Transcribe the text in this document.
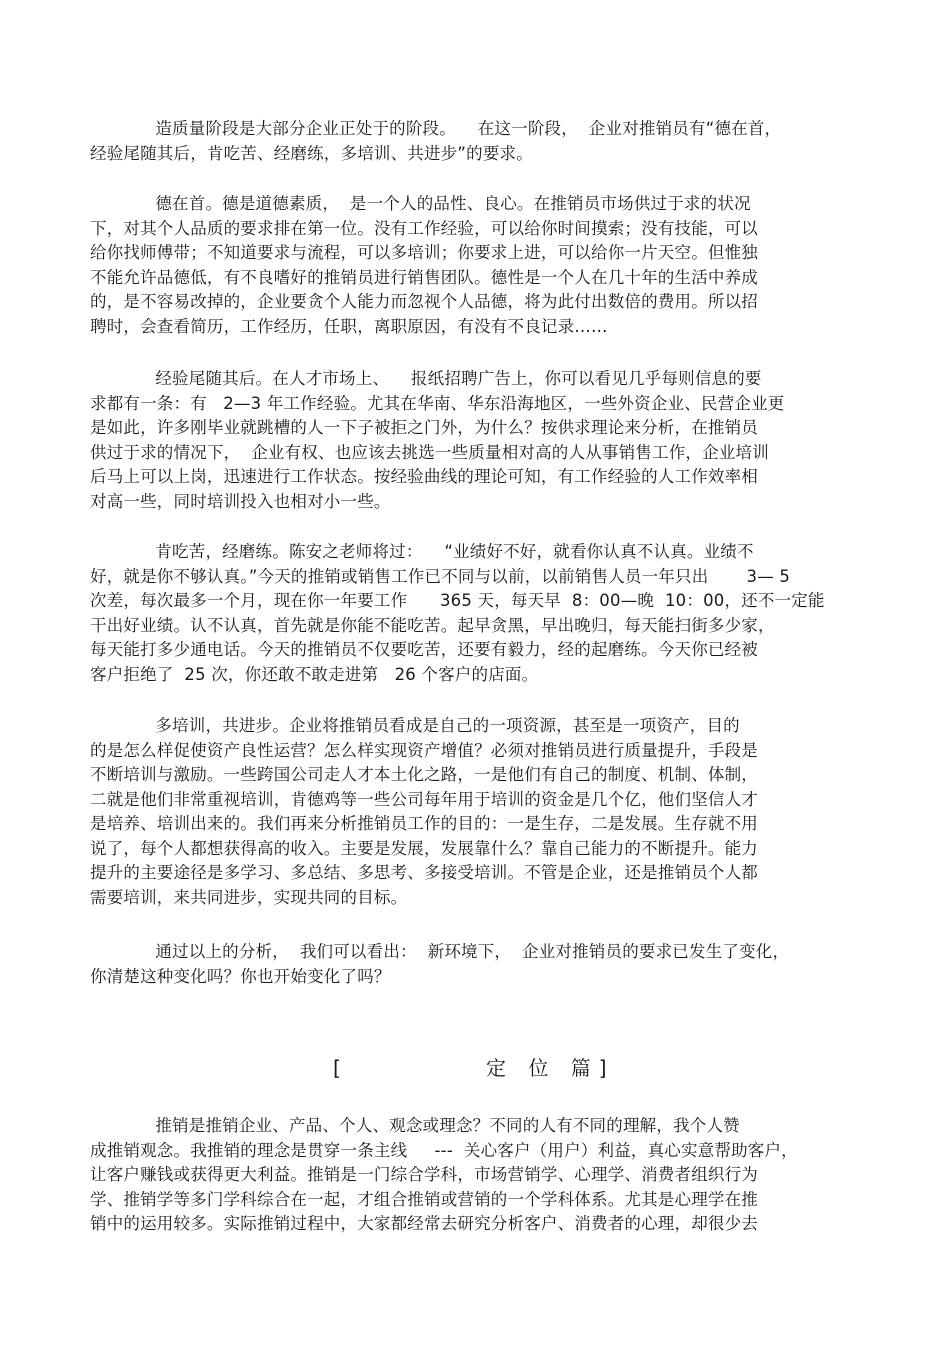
造质量阶段是大部分企业正处于的阶段。    在这一阶段，  企业对推销员有“德在首，
经验尾随其后，肯吃苦、经磨练，多培训、共进步”的要求。
德在首。德是道德素质，  是一个人的品性、良心。在推销员市场供过于求的状况
下，对其个人品质的要求排在第一位。没有工作经验，可以给你时间摸索；没有技能，可以
给你找师傅带；不知道要求与流程，可以多培训；你要求上进，可以给你一片天空。但惟独
不能允许品德低，有不良嗜好的推销员进行销售团队。德性是一个人在几十年的生活中养成
的，是不容易改掉的，企业要贪个人能力而忽视个人品德，将为此付出数倍的费用。所以招
聘时，会查看简历，工作经历，任职，离职原因，有没有不良记录……
经验尾随其后。在人才市场上、    报纸招聘广告上，你可以看见几乎每则信息的要
求都有一条：有   2—3 年工作经验。尤其在华南、华东沿海地区，一些外资企业、民营企业更
是如此，许多刚毕业就跳槽的人一下子被拒之门外，为什么？按供求理论来分析，在推销员
供过于求的情况下，  企业有权、也应该去挑选一些质量相对高的人从事销售工作，企业培训
后马上可以上岗，迅速进行工作状态。按经验曲线的理论可知，有工作经验的人工作效率相
对高一些，同时培训投入也相对小一些。
肯吃苦，经磨练。陈安之老师将过：    “业绩好不好，就看你认真不认真。业绩不
好，就是你不够认真。”今天的推销或销售工作已不同与以前，以前销售人员一年只出       3— 5
次差，每次最多一个月，现在你一年要工作      365 天，每天早  8：00—晚  10：00，还不一定能
干出好业绩。认不认真，首先就是你能不能吃苦。起早贪黑，早出晚归，每天能扫街多少家，
每天能打多少通电话。今天的推销员不仅要吃苦，还要有毅力，经的起磨练。今天你已经被
客户拒绝了  25 次，你还敢不敢走进第   26 个客户的店面。
多培训，共进步。企业将推销员看成是自己的一项资源，甚至是一项资产，目的
的是怎么样促使资产良性运营？怎么样实现资产增值？必须对推销员进行质量提升，手段是
不断培训与激励。一些跨国公司走人才本土化之路，一是他们有自己的制度、机制、体制，
二就是他们非常重视培训，肯德鸡等一些公司每年用于培训的资金是几个亿，他们坚信人才
是培养、培训出来的。我们再来分析推销员工作的目的：一是生存，二是发展。生存就不用
说了，每个人都想获得高的收入。主要是发展，发展靠什么？靠自己能力的不断提升。能力
提升的主要途径是多学习、多总结、多思考、多接受培训。不管是企业，还是推销员个人都
需要培训，来共同进步，实现共同的目标。
通过以上的分析，  我们可以看出：  新环境下，  企业对推销员的要求已发生了变化，
你清楚这种变化吗？你也开始变化了吗？
[	定 位 篇]
推销是推销企业、产品、个人、观念或理念？不同的人有不同的理解，我个人赞
成推销观念。我推销的理念是贯穿一条主线     ---  关心客户（用户）利益，真心实意帮助客户，
让客户赚钱或获得更大利益。推销是一门综合学科，市场营销学、心理学、消费者组织行为
学、推销学等多门学科综合在一起，才组合推销或营销的一个学科体系。尤其是心理学在推
销中的运用较多。实际推销过程中，大家都经常去研究分析客户、消费者的心理，却很少去
